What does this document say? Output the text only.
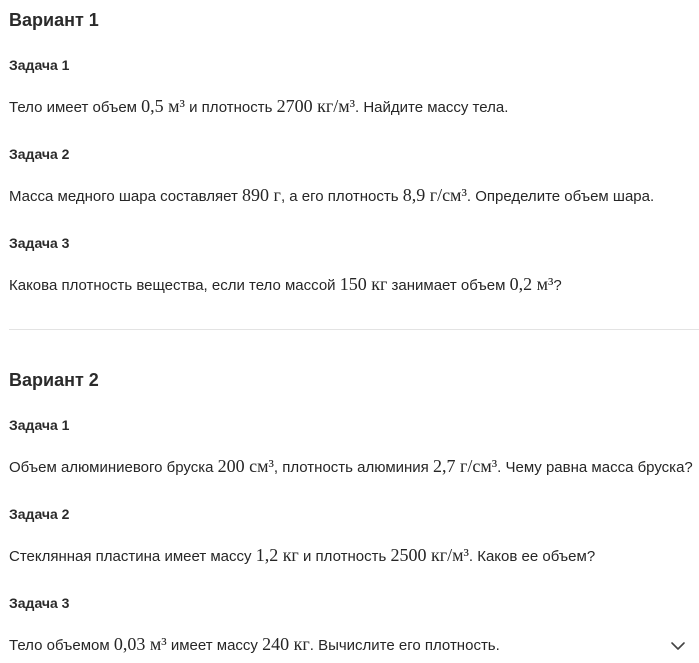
Вариант 1
Задача 1
Тело имеет объем 0,5 м³ и плотность 2700 кг/м³. Найдите массу тела.
Задача 2
Масса медного шара составляет 890 г, а его плотность 8,9 г/см³. Определите объем шара.
Задача 3
Какова плотность вещества, если тело массой 150 кг занимает объем 0,2 м³?
Вариант 2
Задача 1
Объем алюминиевого бруска 200 см³, плотность алюминия 2,7 г/см³. Чему равна масса бруска?
Задача 2
Стеклянная пластина имеет массу 1,2 кг и плотность 2500 кг/м³. Каков ее объем?
Задача 3
Тело объемом 0,03 м³ имеет массу 240 кг. Вычислите его плотность.
